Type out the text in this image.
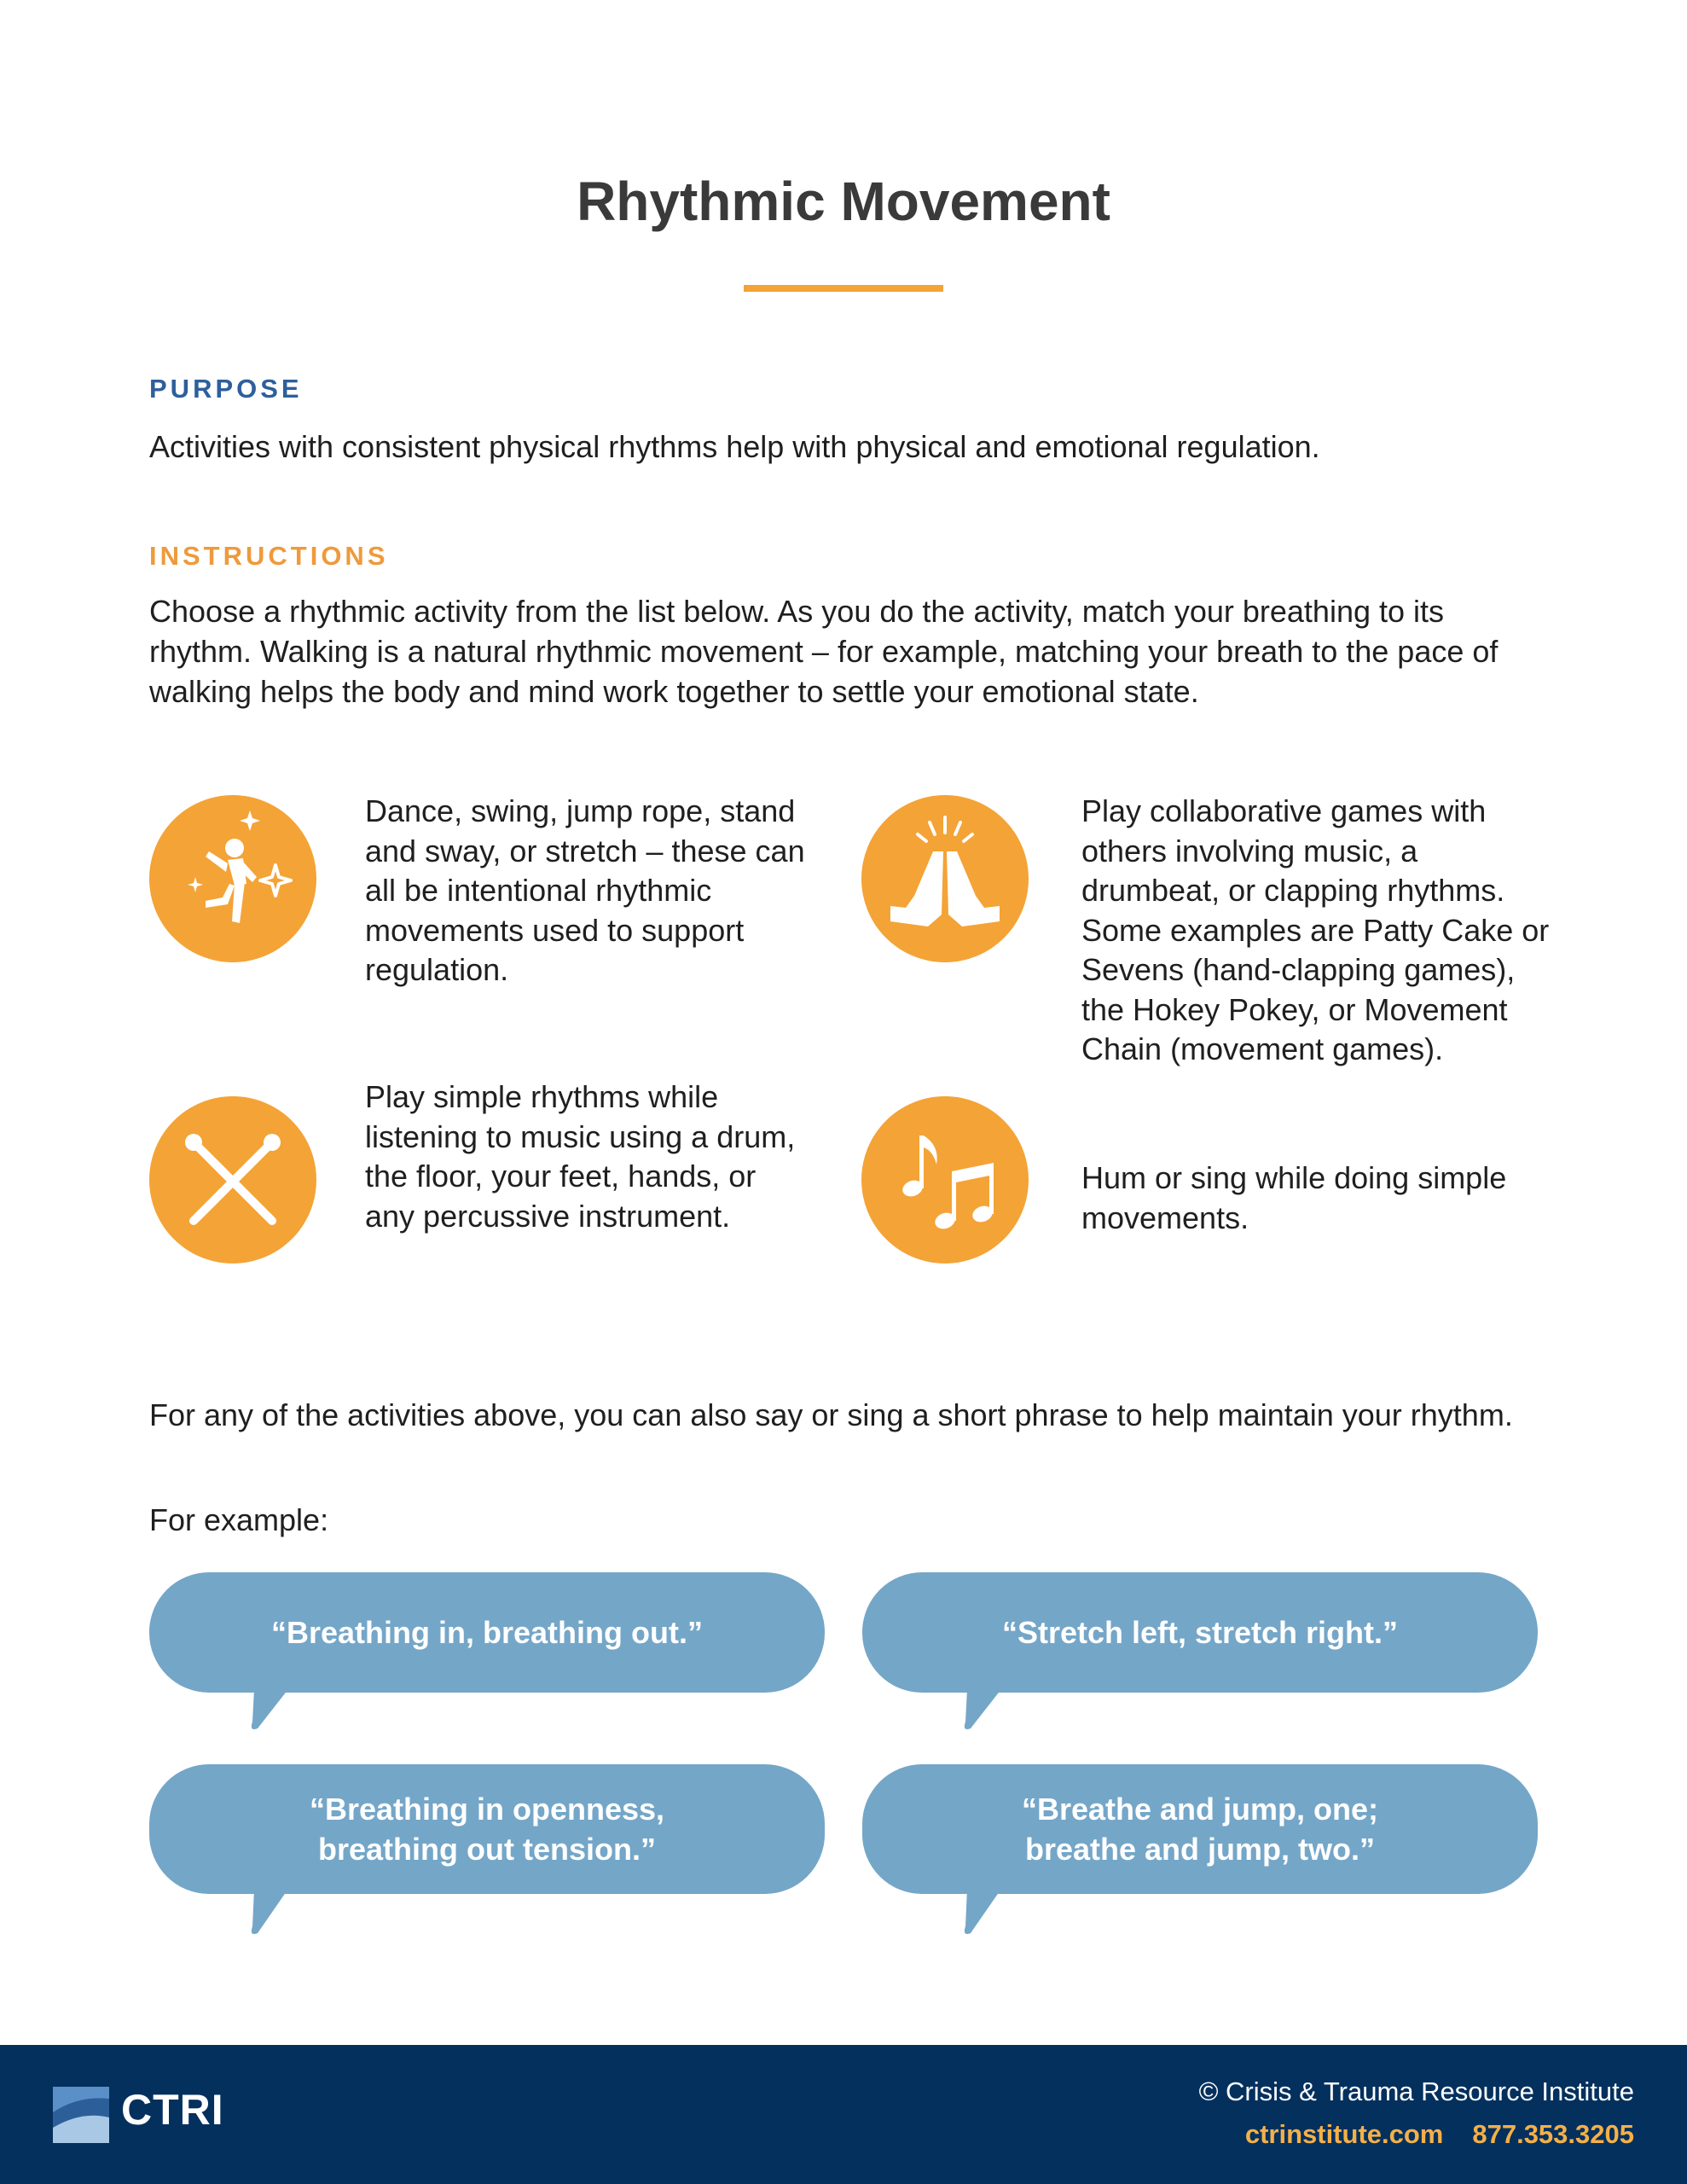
Rhythmic Movement
PURPOSE

Activities with consistent physical rhythms help with physical and emotional regulation.

INSTRUCTIONS

Choose a rhythmic activity from the list below. As you do the activity, match your breathing to its rhythm. Walking is a natural rhythmic movement – for example, matching your breath to the pace of walking helps the body and mind work together to settle your emotional state.

Dance, swing, jump rope, stand and sway, or stretch – these can all be intentional rhythmic movements used to support regulation.

Play collaborative games with others involving music, a drumbeat, or clapping rhythms. Some examples are Patty Cake or Sevens (hand-clapping games), the Hokey Pokey, or Movement Chain (movement games).

Play simple rhythms while listening to music using a drum, the floor, your feet, hands, or any percussive instrument.

Hum or sing while doing simple movements.

For any of the activities above, you can also say or sing a short phrase to help maintain your rhythm.

For example:

“Breathing in, breathing out.”	“Stretch left, stretch right.”
“Breathing in openness,
breathing out tension.”
“Breathe and jump, one;
breathe and jump, two.”
CTRI	© Crisis & Trauma Resource Institute
ctrinstitute.com 877.353.3205
